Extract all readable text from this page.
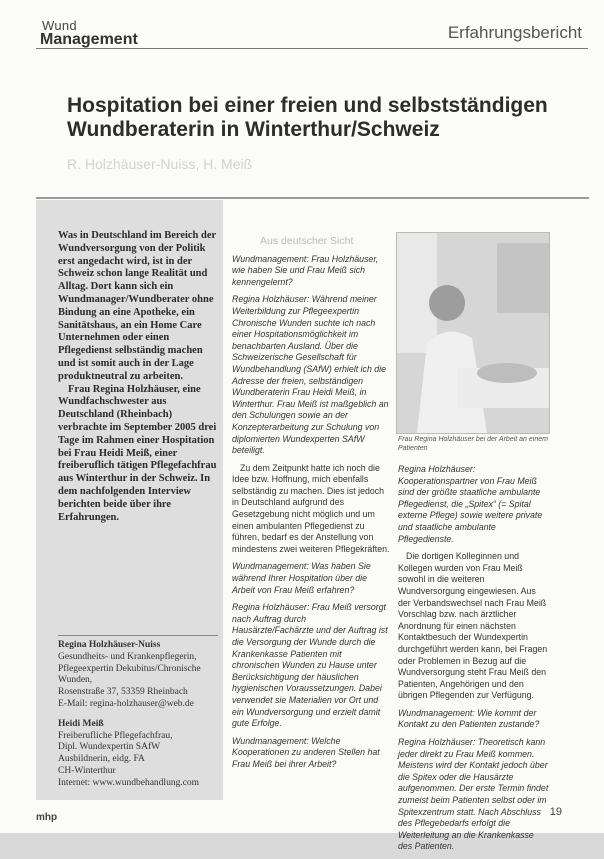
Wund
Management	Erfahrungsbericht
Hospitation bei einer freien und selbstständigen Wundberaterin in Winterthur/Schweiz
R. Holzhäuser-Nuiss, H. Meiß

Was in Deutschland im Bereich der Wundversorgung von der Politik erst angedacht wird, ist in der Schweiz schon lange Realität und Alltag. Dort kann sich ein Wundmanager/Wundberater ohne Bindung an eine Apotheke, ein Sanitätshaus, an ein Home Care Unternehmen oder einen Pflegedienst selbständig machen und ist somit auch in der Lage produktneutral zu arbeiten.

Frau Regina Holzhäuser, eine Wundfachschwester aus Deutschland (Rheinbach) verbrachte im September 2005 drei Tage im Rahmen einer Hospitation bei Frau Heidi Meiß, einer freiberuflich tätigen Pflegefachfrau aus Winterthur in der Schweiz. In dem nachfolgenden Interview berichten beide über ihre Erfahrungen.

Regina Holzhäuser-Nuiss
Gesundheits- und Krankenpflegerin,
Pflegeexpertin Dekubitus/Chronische
Wunden,
Rosenstraße 37, 53359 Rheinbach
E-Mail: regina-holzhauser@web.de
Heidi Meiß
Freiberufliche Pflegefachfrau,
Dipl. Wundexpertin SAfW
Ausbildnerin, eidg. FA
CH-Winterthur
Internet: www.wundbehandlung.com
Aus deutscher Sicht

Wundmanagement: Frau Holzhäuser, wie haben Sie und Frau Meiß sich kennengelernt?

Regina Holzhäuser: Während meiner Weiterbildung zur Pflegeexpertin Chronische Wunden suchte ich nach einer Hospitationsmöglichkeit im benachbarten Ausland. Über die Schweizerische Gesellschaft für Wundbehandlung (SAfW) erhielt ich die Adresse der freien, selbständigen Wundberaterin Frau Heidi Meiß, in Winterthur. Frau Meiß ist maßgeblich an den Schulungen sowie an der Konzepterarbeitung zur Schulung von diplomierten Wundexperten SAfW beteiligt.

Zu dem Zeitpunkt hatte ich noch die Idee bzw. Hoffnung, mich ebenfalls selbständig zu machen. Dies ist jedoch in Deutschland aufgrund des Gesetzgebung nicht möglich und um einen ambulanten Pflegedienst zu führen, bedarf es der Anstellung von mindestens zwei weiteren Pflegekräften.

Wundmanagement: Was haben Sie während Ihrer Hospitation über die Arbeit von Frau Meiß erfahren?

Regina Holzhäuser: Frau Meiß versorgt nach Auftrag durch Hausärzte/Fachärzte und der Auftrag ist die Versorgung der Wunde durch die Krankenkasse Patienten mit chronischen Wunden zu Hause unter Berücksichtigung der häuslichen hygienischen Voraussetzungen. Dabei verwendet sie Materialien vor Ort und ein Wundversorgung und erzielt damit gute Erfolge.

Wundmanagement: Welche Kooperationen zu anderen Stellen hat Frau Meiß bei ihrer Arbeit?

Frau Regina Holzhäuser bei der Arbeit an einem Patienten

Regina Holzhäuser: Kooperationspartner von Frau Meiß sind der größte staatliche ambulante Pflegedienst, die „Spitex“ (= Spital externe Pflege) sowie weitere private und staatliche ambulante Pflegedienste.

Die dortigen Kolleginnen und Kollegen wurden von Frau Meiß sowohl in die weiteren Wundversorgung eingewiesen. Aus der Verbandswechsel nach Frau Meiß Vorschlag bzw. nach ärztlicher Anordnung für einen nächsten Kontaktbesuch der Wundexpertin durchgeführt werden kann, bei Fragen oder Problemen in Bezug auf die Wundversorgung steht Frau Meiß den Patienten, Angehörigen und den übrigen Pflegenden zur Verfügung.

Wundmanagement: Wie kommt der Kontakt zu den Patienten zustande?

Regina Holzhäuser: Theoretisch kann jeder direkt zu Frau Meiß kommen. Meistens wird der Kontakt jedoch über die Spitex oder die Hausärzte aufgenommen. Der erste Termin findet zumeist beim Patienten selbst oder im Spitexzentrum statt. Nach Abschluss des Pflegebedarfs erfolgt die Weiterleitung an die Krankenkasse des Patienten.

mhp	19
